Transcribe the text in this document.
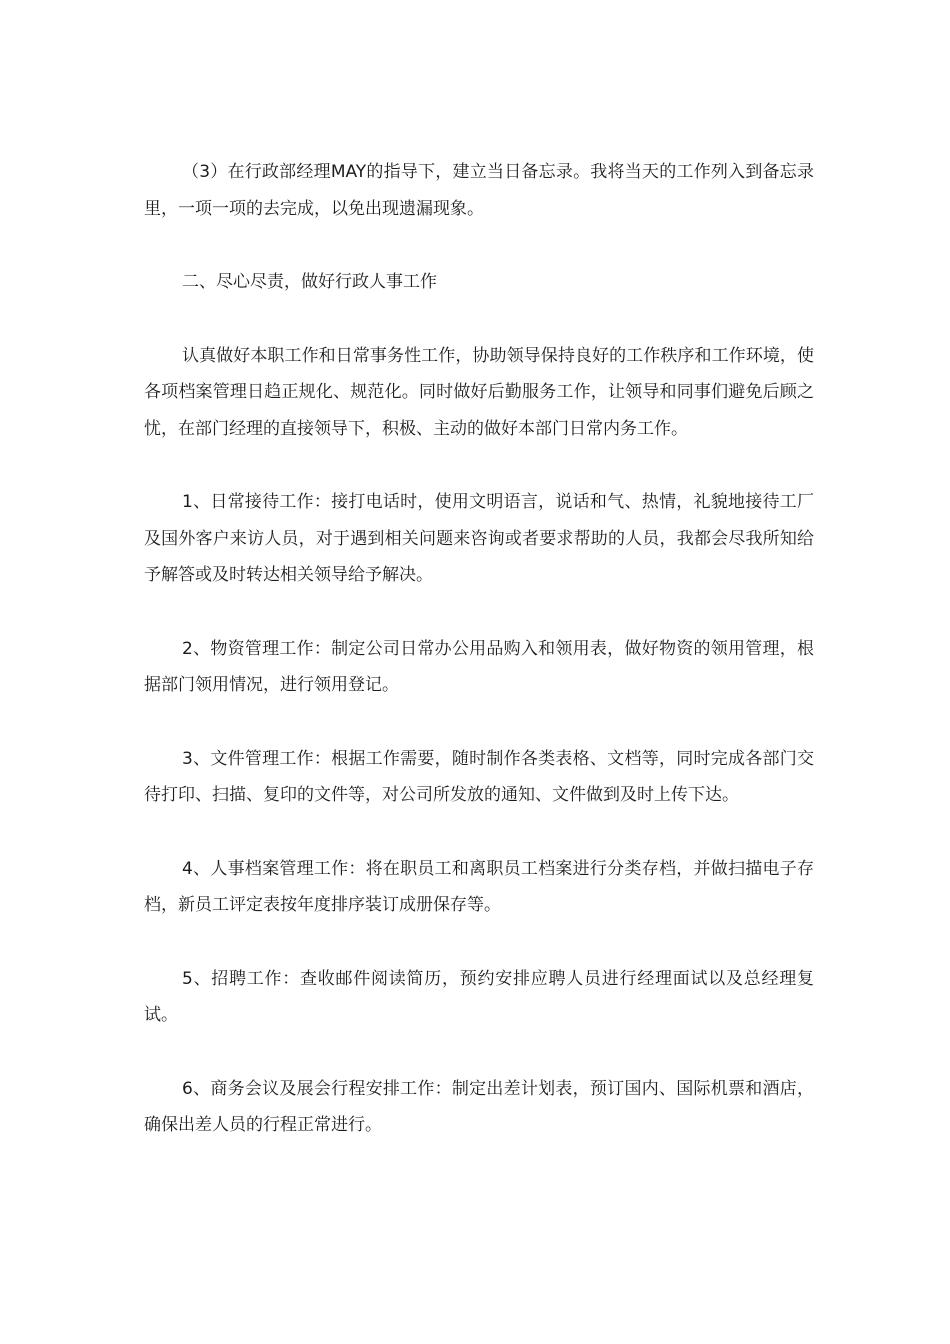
（3）在行政部经理MAY的指导下，建立当日备忘录。我将当天的工作列入到备忘录里，一项一项的去完成，以免出现遗漏现象。

二、尽心尽责，做好行政人事工作

认真做好本职工作和日常事务性工作，协助领导保持良好的工作秩序和工作环境，使各项档案管理日趋正规化、规范化。同时做好后勤服务工作，让领导和同事们避免后顾之忧，在部门经理的直接领导下，积极、主动的做好本部门日常内务工作。

1、日常接待工作：接打电话时，使用文明语言，说话和气、热情，礼貌地接待工厂及国外客户来访人员，对于遇到相关问题来咨询或者要求帮助的人员，我都会尽我所知给予解答或及时转达相关领导给予解决。

2、物资管理工作：制定公司日常办公用品购入和领用表，做好物资的领用管理，根据部门领用情况，进行领用登记。

3、文件管理工作：根据工作需要，随时制作各类表格、文档等，同时完成各部门交待打印、扫描、复印的文件等，对公司所发放的通知、文件做到及时上传下达。

4、人事档案管理工作：将在职员工和离职员工档案进行分类存档，并做扫描电子存档，新员工评定表按年度排序装订成册保存等。

5、招聘工作：查收邮件阅读简历，预约安排应聘人员进行经理面试以及总经理复试。

6、商务会议及展会行程安排工作：制定出差计划表，预订国内、国际机票和酒店，确保出差人员的行程正常进行。
